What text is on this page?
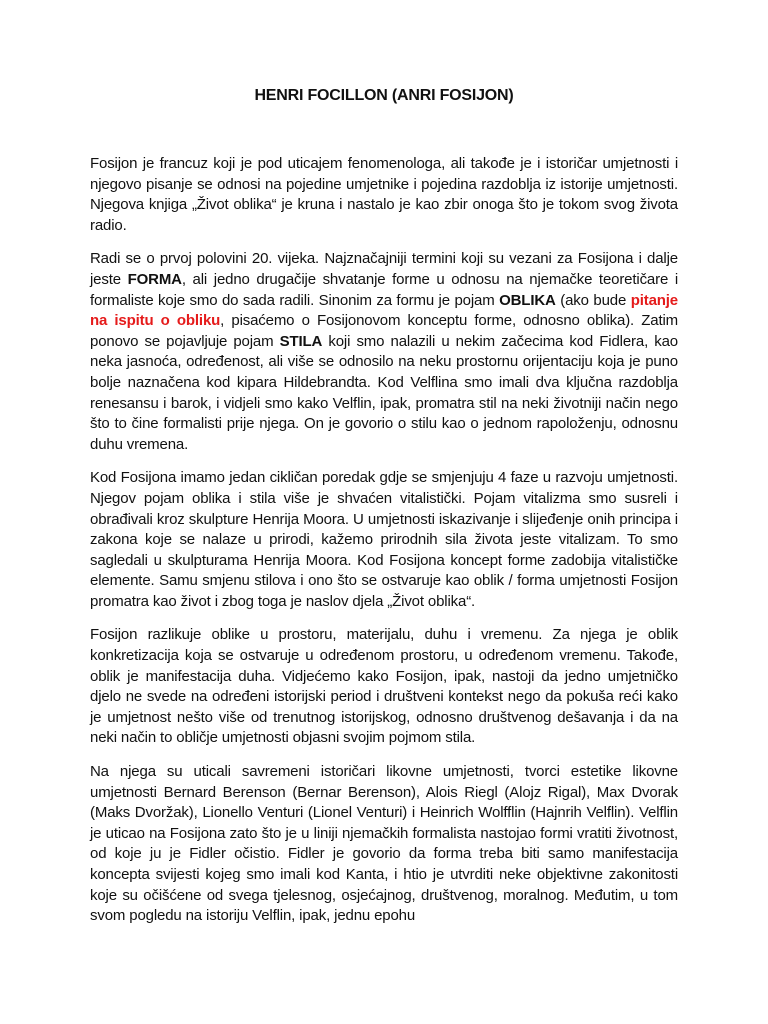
HENRI FOCILLON (ANRI FOSIJON)

Fosijon je francuz koji je pod uticajem fenomenologa, ali takođe je i istoričar umjetnosti i njegovo pisanje se odnosi na pojedine umjetnike i pojedina razdoblja iz istorije umjetnosti. Njegova knjiga „Život oblika“ je kruna i nastalo je kao zbir onoga što je tokom svog života radio.

Radi se o prvoj polovini 20. vijeka. Najznačajniji termini koji su vezani za Fosijona i dalje jeste FORMA, ali jedno drugačije shvatanje forme u odnosu na njemačke teoretičare i formaliste koje smo do sada radili. Sinonim za formu je pojam OBLIKA (ako bude pitanje na ispitu o obliku, pisaćemo o Fosijonovom konceptu forme, odnosno oblika). Zatim ponovo se pojavljuje pojam STILA koji smo nalazili u nekim začecima kod Fidlera, kao neka jasnoća, određenost, ali više se odnosilo na neku prostornu orijentaciju koja je puno bolje naznačena kod kipara Hildebrandta. Kod Velflina smo imali dva ključna razdoblja renesansu i barok, i vidjeli smo kako Velflin, ipak, promatra stil na neki životniji način nego što to čine formalisti prije njega. On je govorio o stilu kao o jednom rapoloženju, odnosnu duhu vremena.

Kod Fosijona imamo jedan cikličan poredak gdje se smjenjuju 4 faze u razvoju umjetnosti. Njegov pojam oblika i stila više je shvaćen vitalistički. Pojam vitalizma smo susreli i obrađivali kroz skulpture Henrija Moora. U umjetnosti iskazivanje i slijeđenje onih principa i zakona koje se nalaze u prirodi, kažemo prirodnih sila života jeste vitalizam. To smo sagledali u skulpturama Henrija Moora. Kod Fosijona koncept forme zadobija vitalističke elemente. Samu smjenu stilova i ono što se ostvaruje kao oblik / forma umjetnosti Fosijon promatra kao život i zbog toga je naslov djela „Život oblika“.

Fosijon razlikuje oblike u prostoru, materijalu, duhu i vremenu. Za njega je oblik konkretizacija koja se ostvaruje u određenom prostoru, u određenom vremenu. Takođe, oblik je manifestacija duha. Vidjećemo kako Fosijon, ipak, nastoji da jedno umjetničko djelo ne svede na određeni istorijski period i društveni kontekst nego da pokuša reći kako je umjetnost nešto više od trenutnog istorijskog, odnosno društvenog dešavanja i da na neki način to obličje umjetnosti objasni svojim pojmom stila.

Na njega su uticali savremeni istoričari likovne umjetnosti, tvorci estetike likovne umjetnosti Bernard Berenson (Bernar Berenson), Alois Riegl (Alojz Rigal), Max Dvorak (Maks Dvoržak), Lionello Venturi (Lionel Venturi) i Heinrich Wolfflin (Hajnrih Velflin). Velflin je uticao na Fosijona zato što je u liniji njemačkih formalista nastojao formi vratiti životnost, od koje ju je Fidler očistio. Fidler je govorio da forma treba biti samo manifestacija koncepta svijesti kojeg smo imali kod Kanta, i htio je utvrditi neke objektivne zakonitosti koje su očišćene od svega tjelesnog, osjećajnog, društvenog, moralnog. Međutim, u tom svom pogledu na istoriju Velflin, ipak, jednu epohu
